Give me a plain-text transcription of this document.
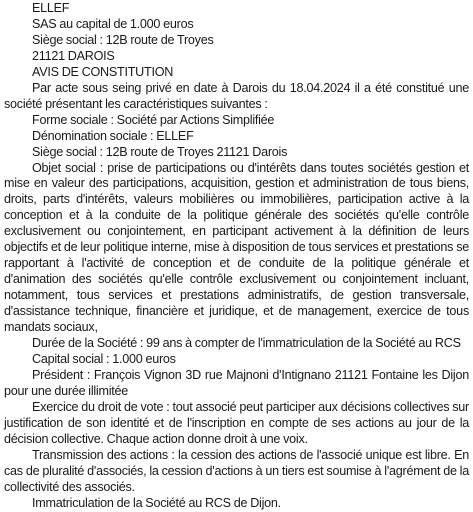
ELLEF

SAS au capital de 1.000 euros

Siège social : 12B route de Troyes

21121 DAROIS

AVIS DE CONSTITUTION

Par acte sous seing privé en date à Darois du 18.04.2024 il a été constitué une société présentant les caractéristiques suivantes :

Forme sociale : Société par Actions Simplifiée

Dénomination sociale : ELLEF

Siège social : 12B route de Troyes 21121 Darois

Objet social : prise de participations ou d'intérêts dans toutes sociétés gestion et mise en valeur des participations, acquisition, gestion et administration de tous biens, droits, parts d'intérêts, valeurs mobilières ou immobilières, participation active à la conception et à la conduite de la politique générale des sociétés qu'elle contrôle exclusivement ou conjointement, en participant activement à la définition de leurs objectifs et de leur politique interne, mise à disposition de tous services et prestations se rapportant à l'activité de conception et de conduite de la politique générale et d'animation des sociétés qu'elle contrôle exclusivement ou conjointement incluant, notamment, tous services et prestations administratifs, de gestion transversale, d'assistance technique, financière et juridique, et de management, exercice de tous mandats sociaux,

Durée de la Société : 99 ans à compter de l'immatriculation de la Société au RCS

Capital social : 1.000 euros

Président : François Vignon 3D rue Majnoni d'Intignano 21121 Fontaine les Dijon pour une durée illimitée

Exercice du droit de vote : tout associé peut participer aux décisions collectives sur justification de son identité et de l'inscription en compte de ses actions au jour de la décision collective. Chaque action donne droit à une voix.

Transmission des actions : la cession des actions de l'associé unique est libre. En cas de pluralité d'associés, la cession d'actions à un tiers est soumise à l'agrément de la collectivité des associés.

Immatriculation de la Société au RCS de Dijon.
